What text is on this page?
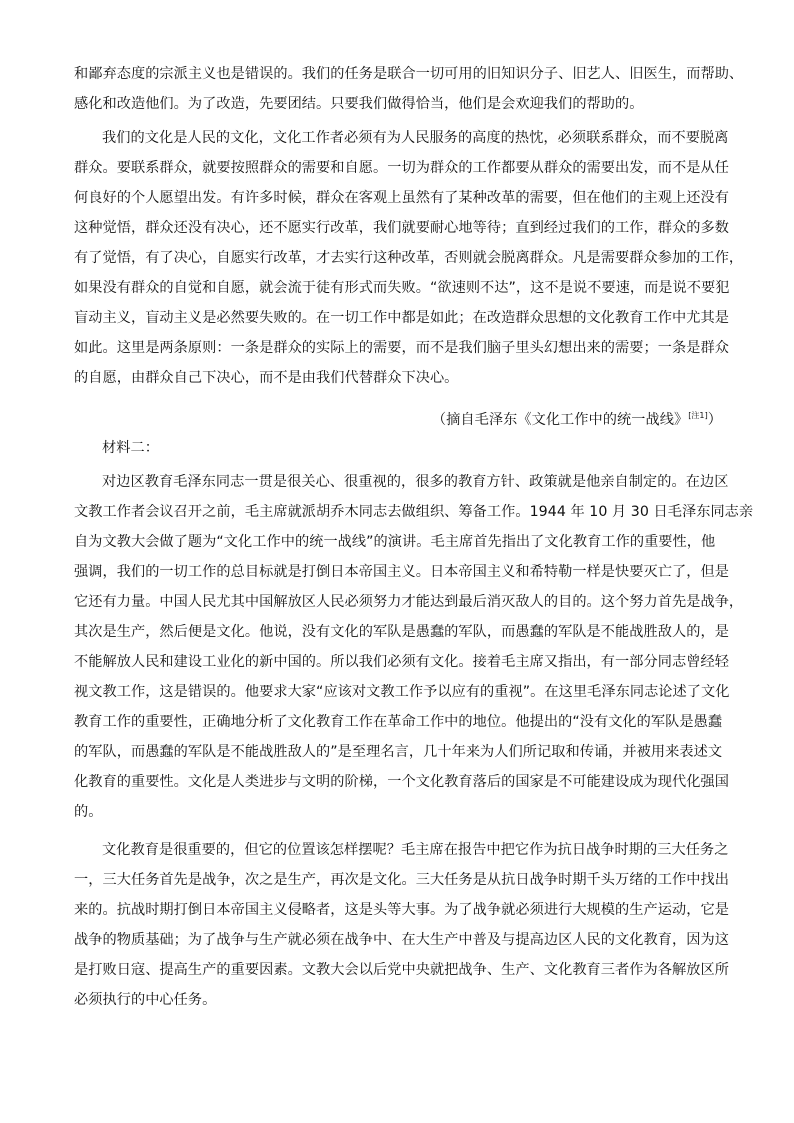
和鄙弃态度的宗派主义也是错误的。我们的任务是联合一切可用的旧知识分子、旧艺人、旧医生，而帮助、
感化和改造他们。为了改造，先要团结。只要我们做得恰当，他们是会欢迎我们的帮助的。
我们的文化是人民的文化，文化工作者必须有为人民服务的高度的热忱，必须联系群众，而不要脱离
群众。要联系群众，就要按照群众的需要和自愿。一切为群众的工作都要从群众的需要出发，而不是从任
何良好的个人愿望出发。有许多时候，群众在客观上虽然有了某种改革的需要，但在他们的主观上还没有
这种觉悟，群众还没有决心，还不愿实行改革，我们就要耐心地等待；直到经过我们的工作，群众的多数
有了觉悟，有了决心，自愿实行改革，才去实行这种改革，否则就会脱离群众。凡是需要群众参加的工作，
如果没有群众的自觉和自愿，就会流于徒有形式而失败。“欲速则不达”，这不是说不要速，而是说不要犯
盲动主义，盲动主义是必然要失败的。在一切工作中都是如此；在改造群众思想的文化教育工作中尤其是
如此。这里是两条原则：一条是群众的实际上的需要，而不是我们脑子里头幻想出来的需要；一条是群众
的自愿，由群众自己下决心，而不是由我们代替群众下决心。
（摘自毛泽东《文化工作中的统一战线》[注1]）
材料二：
对边区教育毛泽东同志一贯是很关心、很重视的，很多的教育方针、政策就是他亲自制定的。在边区
文教工作者会议召开之前，毛主席就派胡乔木同志去做组织、筹备工作。1944 年 10 月 30 日毛泽东同志亲
自为文教大会做了题为“文化工作中的统一战线”的演讲。毛主席首先指出了文化教育工作的重要性，他
强调，我们的一切工作的总目标就是打倒日本帝国主义。日本帝国主义和希特勒一样是快要灭亡了，但是
它还有力量。中国人民尤其中国解放区人民必须努力才能达到最后消灭敌人的目的。这个努力首先是战争，
其次是生产，然后便是文化。他说，没有文化的军队是愚蠢的军队，而愚蠢的军队是不能战胜敌人的，是
不能解放人民和建设工业化的新中国的。所以我们必须有文化。接着毛主席又指出，有一部分同志曾经轻
视文教工作，这是错误的。他要求大家“应该对文教工作予以应有的重视”。在这里毛泽东同志论述了文化
教育工作的重要性，正确地分析了文化教育工作在革命工作中的地位。他提出的“没有文化的军队是愚蠢
的军队，而愚蠢的军队是不能战胜敌人的”是至理名言，几十年来为人们所记取和传诵，并被用来表述文
化教育的重要性。文化是人类进步与文明的阶梯，一个文化教育落后的国家是不可能建设成为现代化强国
的。
文化教育是很重要的，但它的位置该怎样摆呢？毛主席在报告中把它作为抗日战争时期的三大任务之
一，三大任务首先是战争，次之是生产，再次是文化。三大任务是从抗日战争时期千头万绪的工作中找出
来的。抗战时期打倒日本帝国主义侵略者，这是头等大事。为了战争就必须进行大规模的生产运动，它是
战争的物质基础；为了战争与生产就必须在战争中、在大生产中普及与提高边区人民的文化教育，因为这
是打败日寇、提高生产的重要因素。文教大会以后党中央就把战争、生产、文化教育三者作为各解放区所
必须执行的中心任务。
